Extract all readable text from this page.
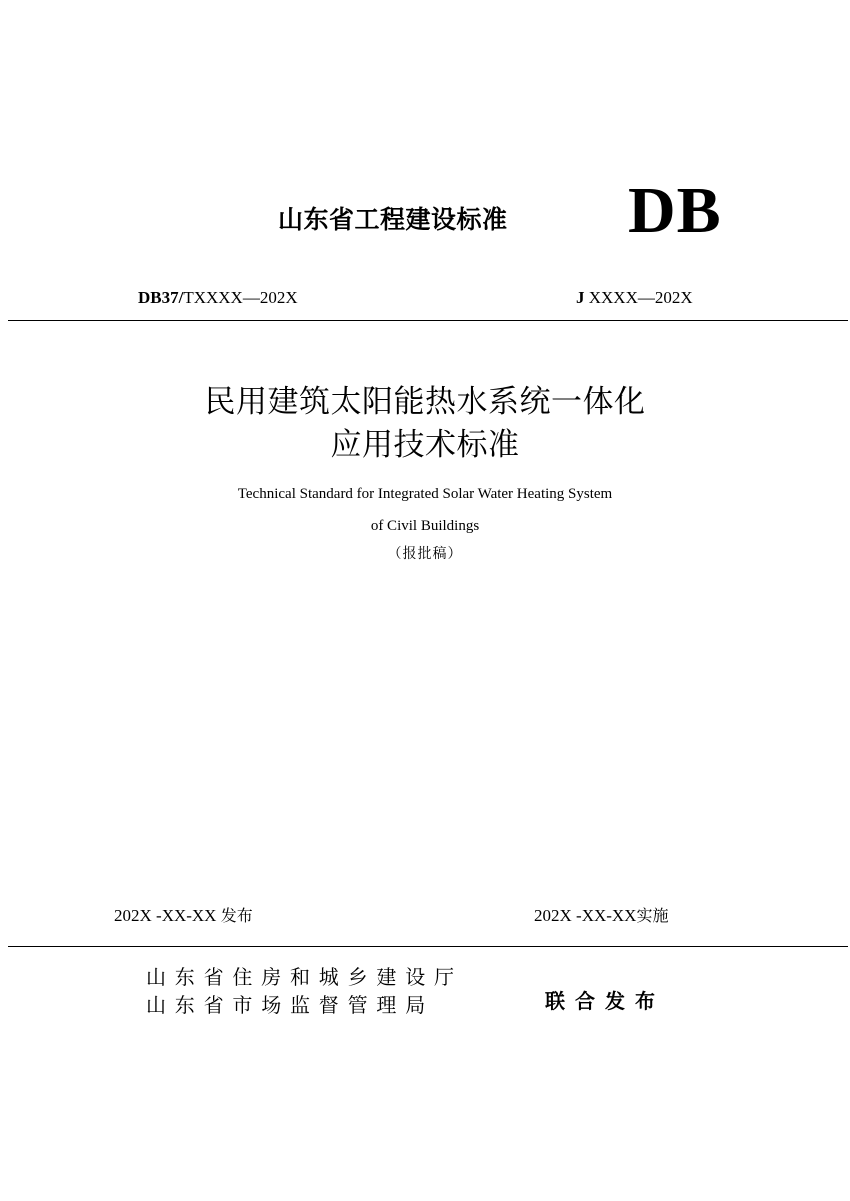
山东省工程建设标准	DB
DB37/TXXXX—202X	J XXXX—202X
民用建筑太阳能热水系统一体化
应用技术标准
Technical Standard for Integrated Solar Water Heating System
of Civil Buildings
（报批稿）
202X -XX-XX 发布	202X -XX-XX实施
山东省住房和城乡建设厅
山东省市场监督管理局	联合发布
